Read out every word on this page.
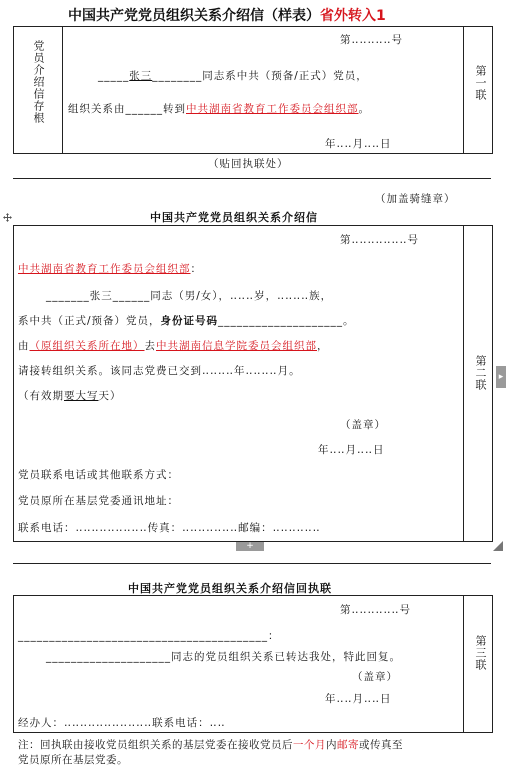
中国共产党党员组织关系介绍信（样表）省外转入1
党员介绍信存根	第‥‥‥‥‥号
_____张三________同志系中共（预备/正式）党员，
组织关系由______转到中共湖南省教育工作委员会组织部。
年‥‥月‥‥日
第一联
（贴回执联处）
（加盖骑缝章）
中国共产党党员组织关系介绍信
第‥‥‥‥‥‥‥号
中共湖南省教育工作委员会组织部：
_______张三______同志（男/女），‥‥‥岁，‥‥‥‥族，
系中共（正式/预备）党员，身份证号码____________________。
由（原组织关系所在地）去中共湖南信息学院委员会组织部，
请接转组织关系。该同志党费已交到‥‥‥‥年‥‥‥‥月。
（有效期要大写天）
（盖章）
年‥‥月‥‥日
党员联系电话或其他联系方式：
党员原所在基层党委通讯地址：
联系电话：‥‥‥‥‥‥‥‥‥传真：‥‥‥‥‥‥‥邮编：‥‥‥‥‥‥
第二联	▸
+
中国共产党党员组织关系介绍信回执联
第‥‥‥‥‥‥号
________________________________________：
____________________同志的党员组织关系已转达我处，特此回复。
（盖章）
年‥‥月‥‥日
经办人：‥‥‥‥‥‥‥‥‥‥‥联系电话：‥‥
第三联
注：回执联由接收党员组织关系的基层党委在接收党员后一个月内邮寄或传真至
党员原所在基层党委。
